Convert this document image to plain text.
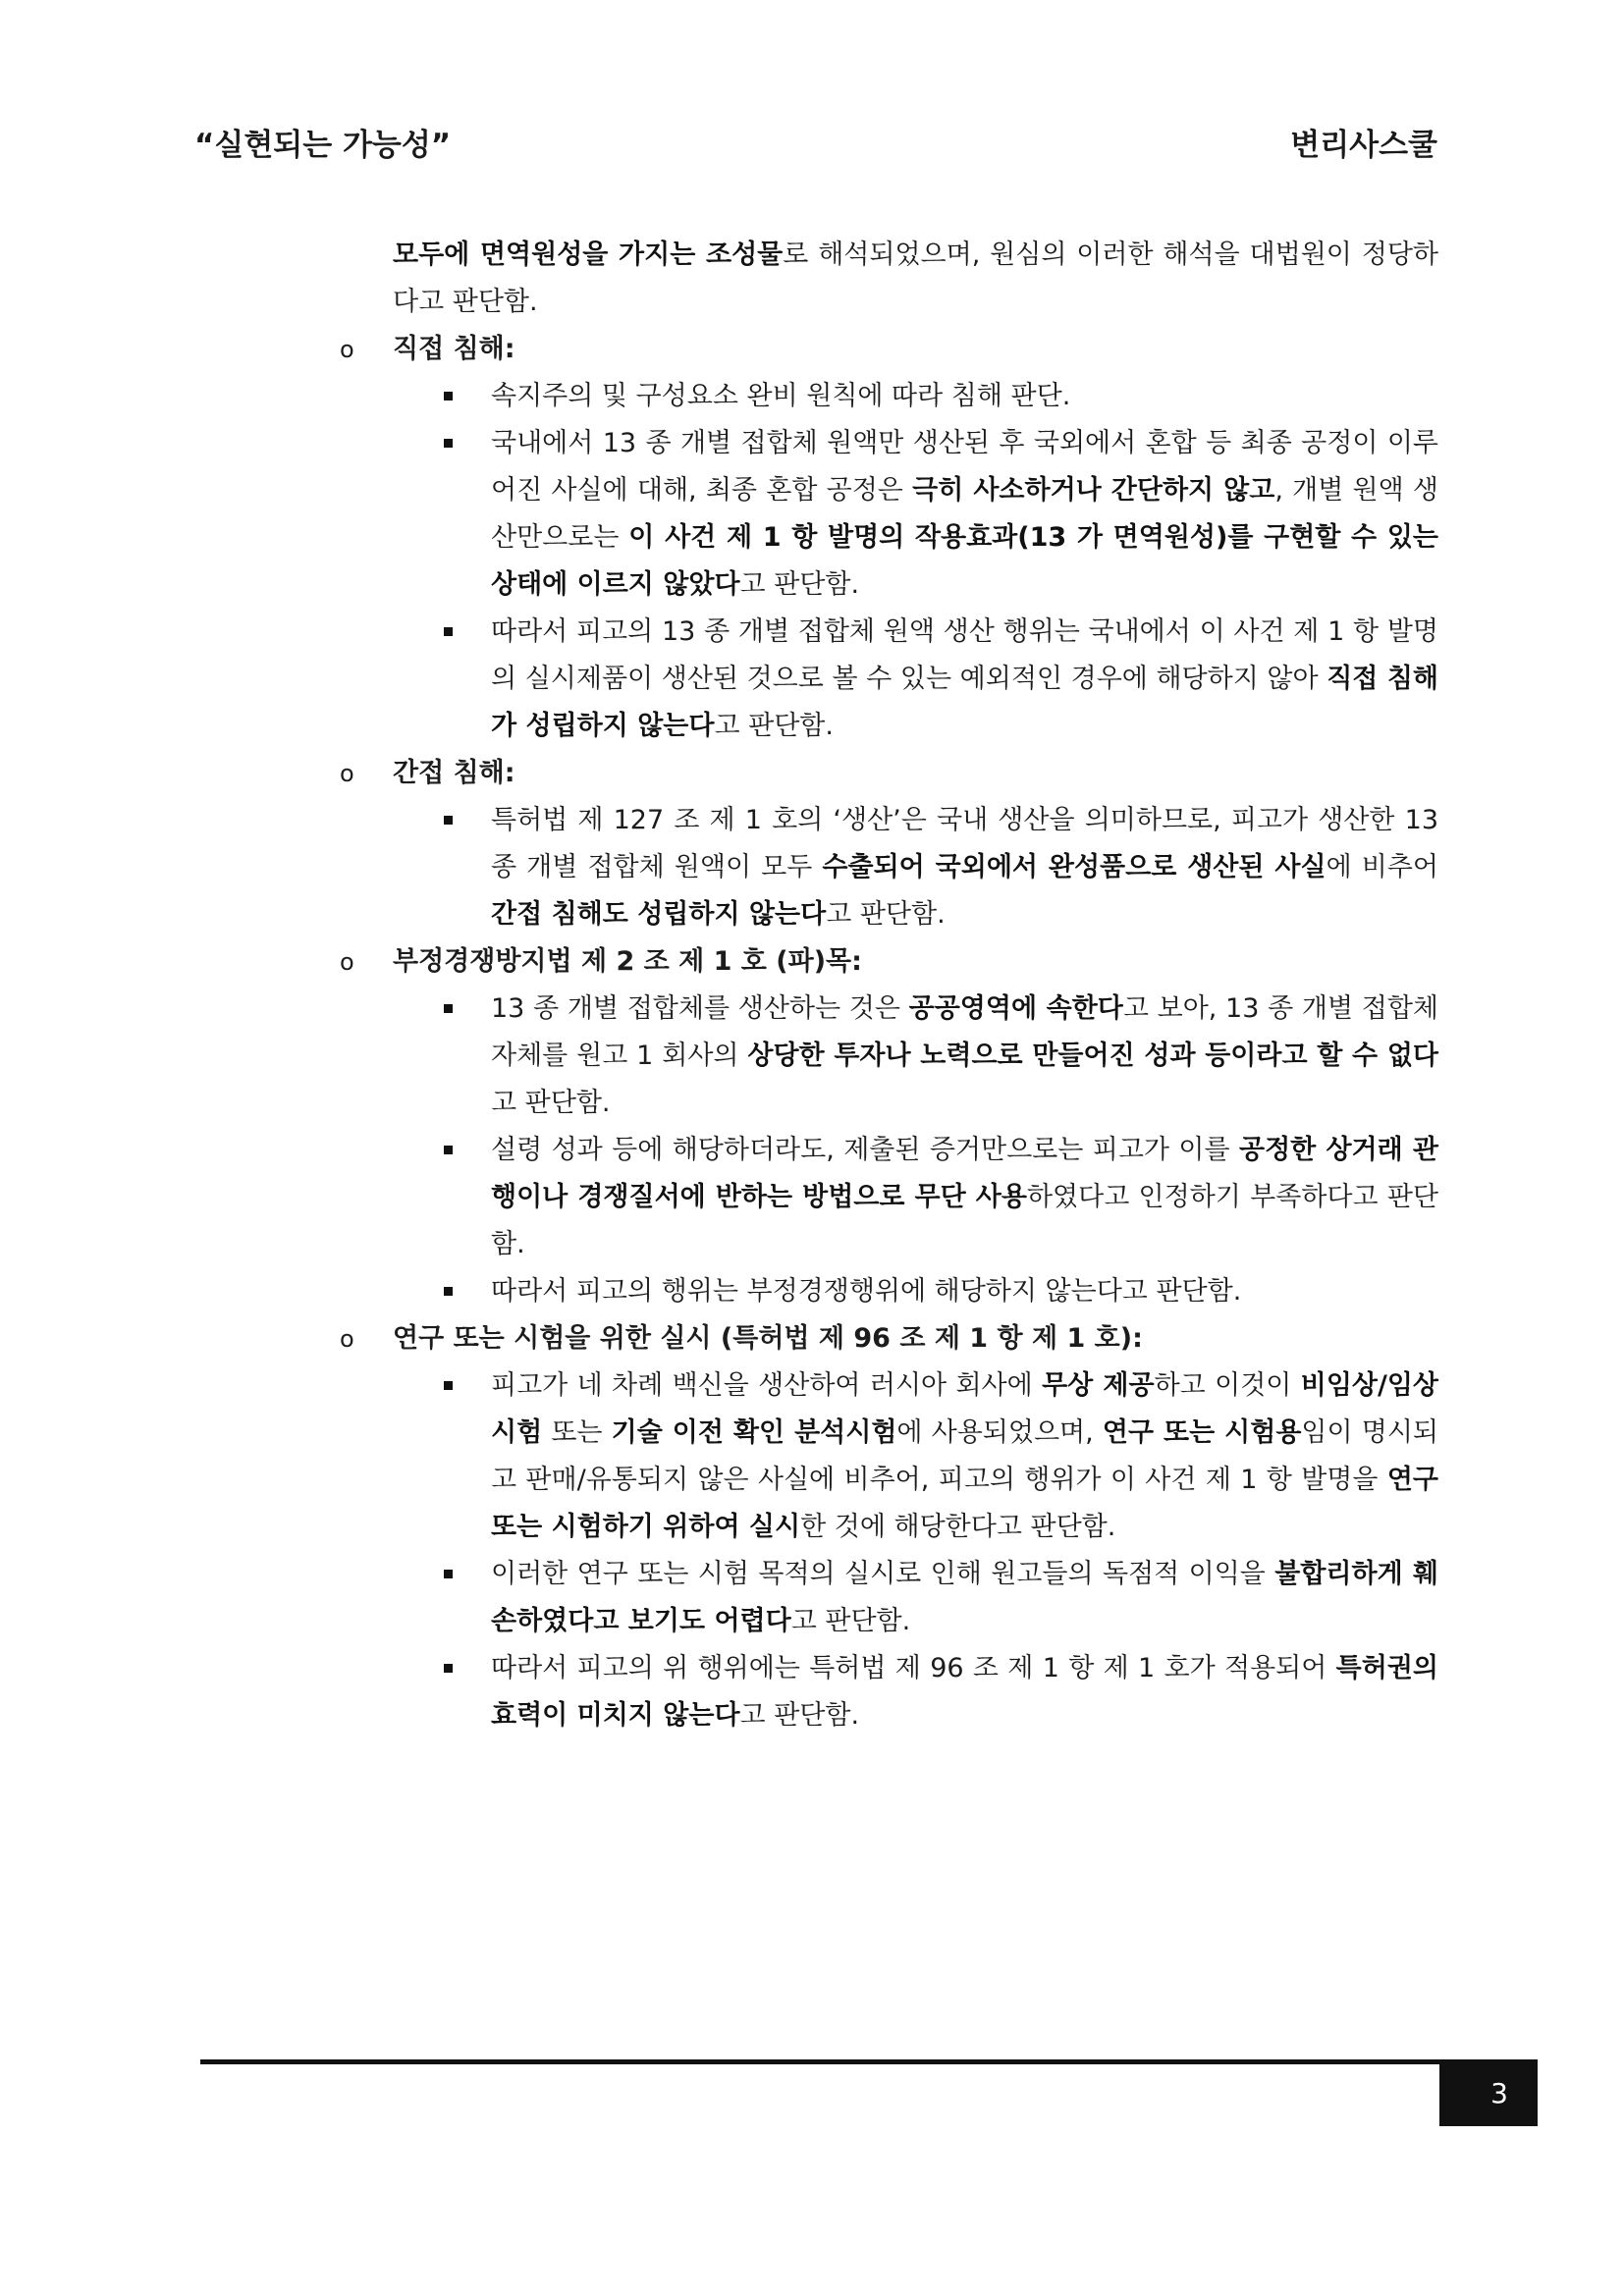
“실현되는 가능성”	변리사스쿨
모두에 면역원성을 가지는 조성물로 해석되었으며, 원심의 이러한 해석을 대법원이 정당하다고 판단함.
o 직접 침해:
속지주의 및 구성요소 완비 원칙에 따라 침해 판단.
국내에서 13 종 개별 접합체 원액만 생산된 후 국외에서 혼합 등 최종 공정이 이루어진 사실에 대해, 최종 혼합 공정은 극히 사소하거나 간단하지 않고, 개별 원액 생산만으로는 이 사건 제 1 항 발명의 작용효과(13 가 면역원성)를 구현할 수 있는 상태에 이르지 않았다고 판단함.
따라서 피고의 13 종 개별 접합체 원액 생산 행위는 국내에서 이 사건 제 1 항 발명의 실시제품이 생산된 것으로 볼 수 있는 예외적인 경우에 해당하지 않아 직접 침해가 성립하지 않는다고 판단함.
o 간접 침해:
특허법 제 127 조 제 1 호의 ‘생산’은 국내 생산을 의미하므로, 피고가 생산한 13 종 개별 접합체 원액이 모두 수출되어 국외에서 완성품으로 생산된 사실에 비추어 간접 침해도 성립하지 않는다고 판단함.
o 부정경쟁방지법 제 2 조 제 1 호 (파)목:
13 종 개별 접합체를 생산하는 것은 공공영역에 속한다고 보아, 13 종 개별 접합체 자체를 원고 1 회사의 상당한 투자나 노력으로 만들어진 성과 등이라고 할 수 없다고 판단함.
설령 성과 등에 해당하더라도, 제출된 증거만으로는 피고가 이를 공정한 상거래 관행이나 경쟁질서에 반하는 방법으로 무단 사용하였다고 인정하기 부족하다고 판단함.
따라서 피고의 행위는 부정경쟁행위에 해당하지 않는다고 판단함.
o 연구 또는 시험을 위한 실시 (특허법 제 96 조 제 1 항 제 1 호):
피고가 네 차례 백신을 생산하여 러시아 회사에 무상 제공하고 이것이 비임상/임상시험 또는 기술 이전 확인 분석시험에 사용되었으며, 연구 또는 시험용임이 명시되고 판매/유통되지 않은 사실에 비추어, 피고의 행위가 이 사건 제 1 항 발명을 연구 또는 시험하기 위하여 실시한 것에 해당한다고 판단함.
이러한 연구 또는 시험 목적의 실시로 인해 원고들의 독점적 이익을 불합리하게 훼손하였다고 보기도 어렵다고 판단함.
따라서 피고의 위 행위에는 특허법 제 96 조 제 1 항 제 1 호가 적용되어 특허권의 효력이 미치지 않는다고 판단함.
3
